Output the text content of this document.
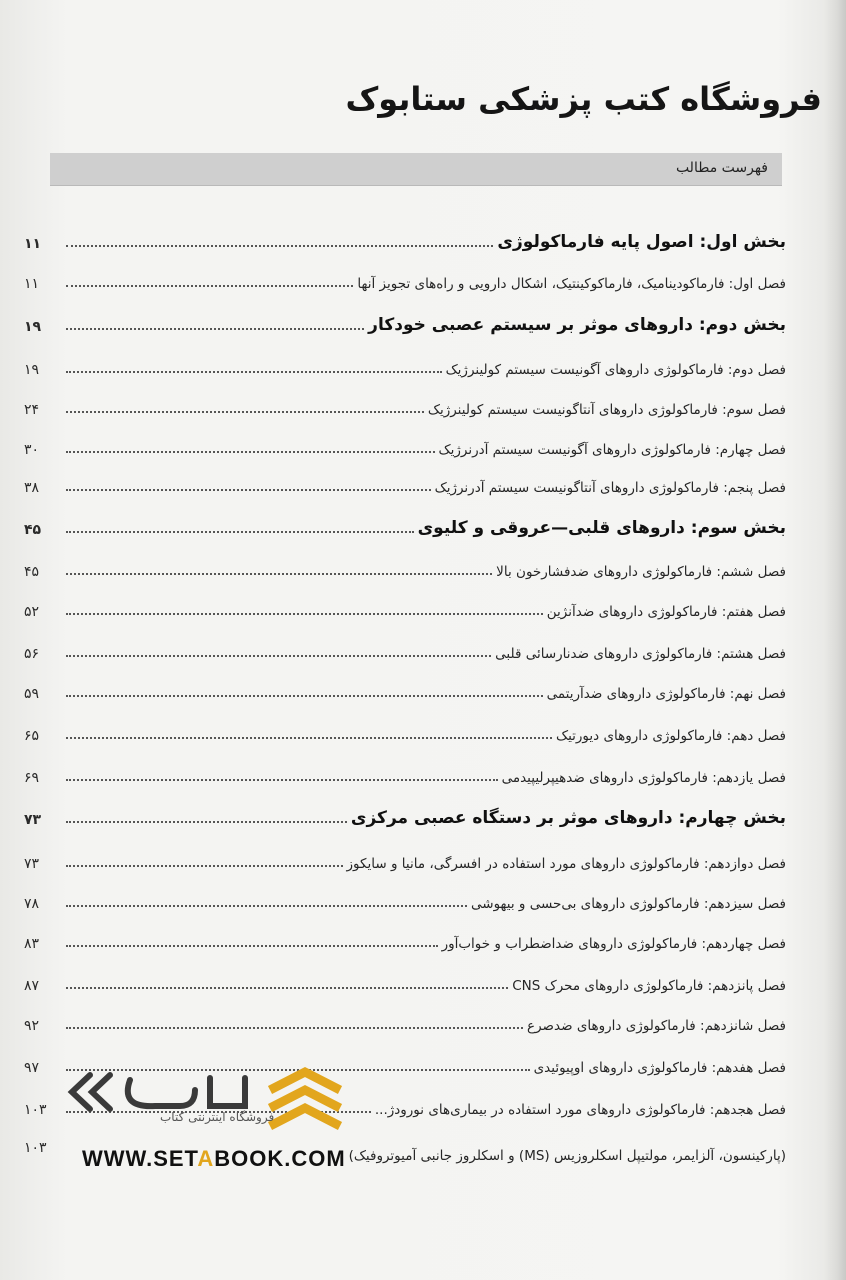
فروشگاه کتب پزشکی ستابوک
فهرست مطالب
بخش اول: اصول پایه فارماکولوژی
۱۱
فصل اول: فارماکودینامیک، فارماکوکینتیک، اشکال دارویی و راه‌های تجویز آنها
۱۱
بخش دوم: داروهای موثر بر سیستم عصبی خودکار
۱۹
فصل دوم: فارماکولوژی داروهای آگونیست سیستم کولینرژیک
۱۹
فصل سوم: فارماکولوژی داروهای آنتاگونیست سیستم کولینرژیک
۲۴
فصل چهارم: فارماکولوژی داروهای آگونیست سیستم آدرنرژیک
۳۰
فصل پنجم: فارماکولوژی داروهای آنتاگونیست سیستم آدرنرژیک
۳۸
بخش سوم: داروهای قلبی—عروقی و کلیوی
۴۵
فصل ششم: فارماکولوژی داروهای ضدفشارخون بالا
۴۵
فصل هفتم: فارماکولوژی داروهای ضدآنژین
۵۲
فصل هشتم: فارماکولوژی داروهای ضدنارسائی قلبی
۵۶
فصل نهم: فارماکولوژی داروهای ضدآریتمی
۵۹
فصل دهم: فارماکولوژی داروهای دیورتیک
۶۵
فصل یازدهم: فارماکولوژی داروهای ضدهیپرلیپیدمی
۶۹
بخش چهارم: داروهای موثر بر دستگاه عصبی مرکزی
۷۳
فصل دوازدهم: فارماکولوژی داروهای مورد استفاده در افسرگی، مانیا و سایکوز
۷۳
فصل سیزدهم: فارماکولوژی داروهای بی‌حسی و بیهوشی
۷۸
فصل چهاردهم: فارماکولوژی داروهای ضداضطراب و خواب‌آور
۸۳
فصل پانزدهم: فارماکولوژی داروهای محرک CNS
۸۷
فصل شانزدهم: فارماکولوژی داروهای ضدصرع
۹۲
فصل هفدهم: فارماکولوژی داروهای اوپیوئیدی
۹۷
فصل هجدهم: فارماکولوژی داروهای مورد استفاده در بیماری‌های نورودژ...
۱۰۳
(پارکینسون، آلزایمر، مولتیپل اسکلروزیس (MS) و اسکلروز جانبی آمیوتروفیک)
۱۰۳
فروشگاه اینترنتی کتاب
WWW.SETABOOK.COM
